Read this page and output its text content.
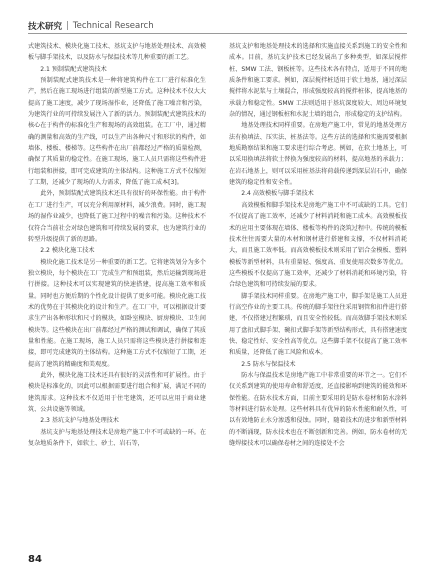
技术研究 | Technical Research

式建筑技术、模块化施工技术、基坑支护与地基处理技术、高效模板与脚手架技术，以及防水与保温技术等几种重要的新工艺。

2.1 预制装配式建筑技术

预制装配式建筑技术是一种将建筑构件在工厂进行标准化生产，然后在施工现场进行组装的新型施工方式。这种技术不仅大大提高了施工速度，减少了现场湿作业，还降低了施工噪音和污染，为建筑行业的可持续发展注入了新的活力。预制装配式建筑技术的核心在于构件的标准化生产和现场的高效组装。在工厂中，通过精确的测量和高效的生产线，可以生产出各种尺寸和形状的构件，如墙体、楼板、楼梯等。这些构件在出厂前都经过严格的质量检测，确保了其质量的稳定性。在施工现场，施工人员只需将这些构件进行组装和拼接，即可完成建筑的主体结构。这种施工方式不仅缩短了工期，还减少了现场的人力需求，降低了施工成本[3]。

此外，预制装配式建筑技术还具有很好的环保性能。由于构件在工厂进行生产，可以充分利用原材料，减少浪费。同时，施工现场的湿作业减少，也降低了施工过程中的噪音和污染。这种技术不仅符合当前社会对绿色建筑和可持续发展的要求，也为建筑行业的转型升级提供了新的思路。

2.2 模块化施工技术

模块化施工技术是另一种重要的新工艺。它将建筑划分为多个独立模块，每个模块在工厂完成生产和预组装，然后运输到现场进行拼接。这种技术可以实现建筑的快速搭建，提高施工效率和质量。同时也方便后期的个性化设计提供了更多可能。模块化施工技术的优势在于其模块化的设计和生产。在工厂中，可以根据设计要求生产出各种形状和尺寸的模块，如卧室模块、厨房模块、卫生间模块等。这些模块在出厂前都经过严格的测试和调试，确保了其质量和性能。在施工现场，施工人员只需将这些模块进行拼接和连接，即可完成建筑的主体结构。这种施工方式不仅缩短了工期，还提高了建筑的精确度和美观度。

此外，模块化施工技术还具有很好的灵活性和可扩展性。由于模块是标准化的，因此可以根据需要进行组合和扩展，满足不同的建筑需求。这种技术不仅适用于住宅建筑，还可以应用于商业建筑、公共设施等领域。

2.3 基坑支护与地基处理技术

基坑支护与地基处理技术是房地产施工中不可或缺的一环。在复杂地质条件下，如软土、砂土、岩石等，

基坑支护和地基处理技术的选择和实施直接关系到施工的安全性和成本。目前，基坑支护技术已经发展出了多种类型，如深层搅拌桩、SMW 工法、钢板桩等。这些技术各有特点，适用于不同的地质条件和施工要求。例如，深层搅拌桩适用于软土地基，通过深层搅拌将水泥浆与土壤混合，形成强度较高的搅拌桩体，提高地基的承载力和稳定性。SMW 工法则适用于基坑深度较大、周边环境复杂的情况，通过钢板桩和水泥土墙的组合，形成稳定的支护结构。

地基处理技术同样重要。在房地产施工中，常见的地基处理方法有换填法、压实法、桩基法等。这些方法的选择和实施需要根据地质勘察结果和施工要求进行综合考虑。例如，在软土地基上，可以采用换填法将软土替换为强度较高的材料，提高地基的承载力；在岩石地基上，则可以采用桩基法将荷载传递到深层岩石中，确保建筑的稳定性和安全性。

2.4 高效模板与脚手架技术

高效模板和脚手架技术是房地产施工中不可或缺的工具。它们不仅提高了施工效率，还减少了材料消耗和施工成本。高效模板技术的应用主要体现在墙体、楼板等构件的浇筑过程中。传统的模板技术往往需要大量的木材和钢材进行搭建和支撑，不仅材料消耗大，而且施工效率低。而高效模板技术则采用了铝合金模板、塑料模板等新型材料，具有重量轻、强度高、重复使用次数多等优点。这些模板不仅提高了施工效率，还减少了材料消耗和环境污染，符合绿色建筑和可持续发展的要求。

脚手架技术同样重要。在房地产施工中，脚手架是施工人员进行高空作业的主要工具。传统的脚手架往往采用钢管和扣件进行搭建，不仅搭建过程繁琐，而且安全性较低。而高效脚手架技术则采用了盘扣式脚手架、碗扣式脚手架等新型结构形式，具有搭建速度快、稳定性好、安全性高等优点。这些脚手架不仅提高了施工效率和质量，还降低了施工风险和成本。

2.5 防水与保温技术

防水与保温技术是房地产施工中非常重要的环节之一。它们不仅关系到建筑的使用寿命和舒适度，还直接影响到建筑的能效和环保性能。在防水技术方面，目前主要采用的是防水卷材和防水涂料等材料进行防水处理。这些材料具有优异的防水性能和耐久性，可以有效地防止水分渗透和侵蚀。同时，随着技术的进步和新型材料的不断涌现，防水技术也在不断创新和完善。例如，防水卷材的无缝焊接技术可以确保卷材之间的连接处不会

84
